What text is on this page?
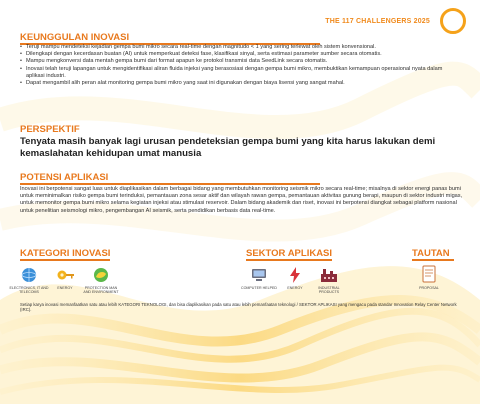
THE 117 CHALLENGERS 2025
KEUNGGULAN INOVASI
• Teruji mampu mendeteksi kejadian gempa bumi mikro secara real-time dengan magnitudo < 1 yang sering terlewat oleh sistem konvensional.
• Dilengkapi dengan kecerdasan buatan (AI) untuk memperkuat deteksi fase, klasifikasi sinyal, serta estimasi parameter sumber secara otomatis.
• Mampu mengkonversi data mentah gempa bumi dari format apapun ke protokol transmisi data SeedLink secara otomatis.
• Inovasi telah teruji lapangan untuk mengidentifikasi aliran fluida injeksi yang berasosiasi dengan gempa bumi mikro, membuktikan kemampuan operasional nyata dalam aplikasi industri.
• Dapat mengambil alih peran alat monitoring gempa bumi mikro yang saat ini digunakan dengan biaya lisensi yang sangat mahal.
PERSPEKTIF
Tenyata masih banyak lagi urusan pendeteksian gempa bumi yang kita harus lakukan demi kemaslahatan kehidupan umat manusia
POTENSI APLIKASI
Inovasi ini berpotensi sangat luas untuk diaplikasikan dalam berbagai bidang yang membutuhkan monitoring seismik mikro secara real-time; misalnya di sektor energi panas bumi untuk meminimalkan risiko gempa bumi terinduksi, pemantauan zona sesar aktif dan wilayah rawan gempa, pemantauan aktivitas gunung berapi, maupun di sektor industri migas, untuk memonitor gempa bumi mikro selama kegiatan injeksi atau stimulasi reservoir. Dalam bidang akademik dan riset, inovasi ini berpotensi diangkat sebagai platform nasional untuk penelitian seismologi mikro, pengembangan AI seismik, serta pendidikan berbasis data real-time.
KATEGORI INOVASI
ELECTRONICS, IT AND TELECOMS
ENERGY	PROTECTION MAN AND ENVIRONMENT
SEKTOR APLIKASI
COMPUTER HELPED	ENERGY	INDUSTRIAL PRODUCTS
TAUTAN
PROPOSAL
Setiap karya inovasi memanfaatkan satu atau lebih KATEGORI TEKNOLOGI, dan bisa diaplikasikan pada satu atau lebih pemanfaatan teknologi / SEKTOR APLIKASI yang mengacu pada standar Innovation Relay Center Network (IRC).
